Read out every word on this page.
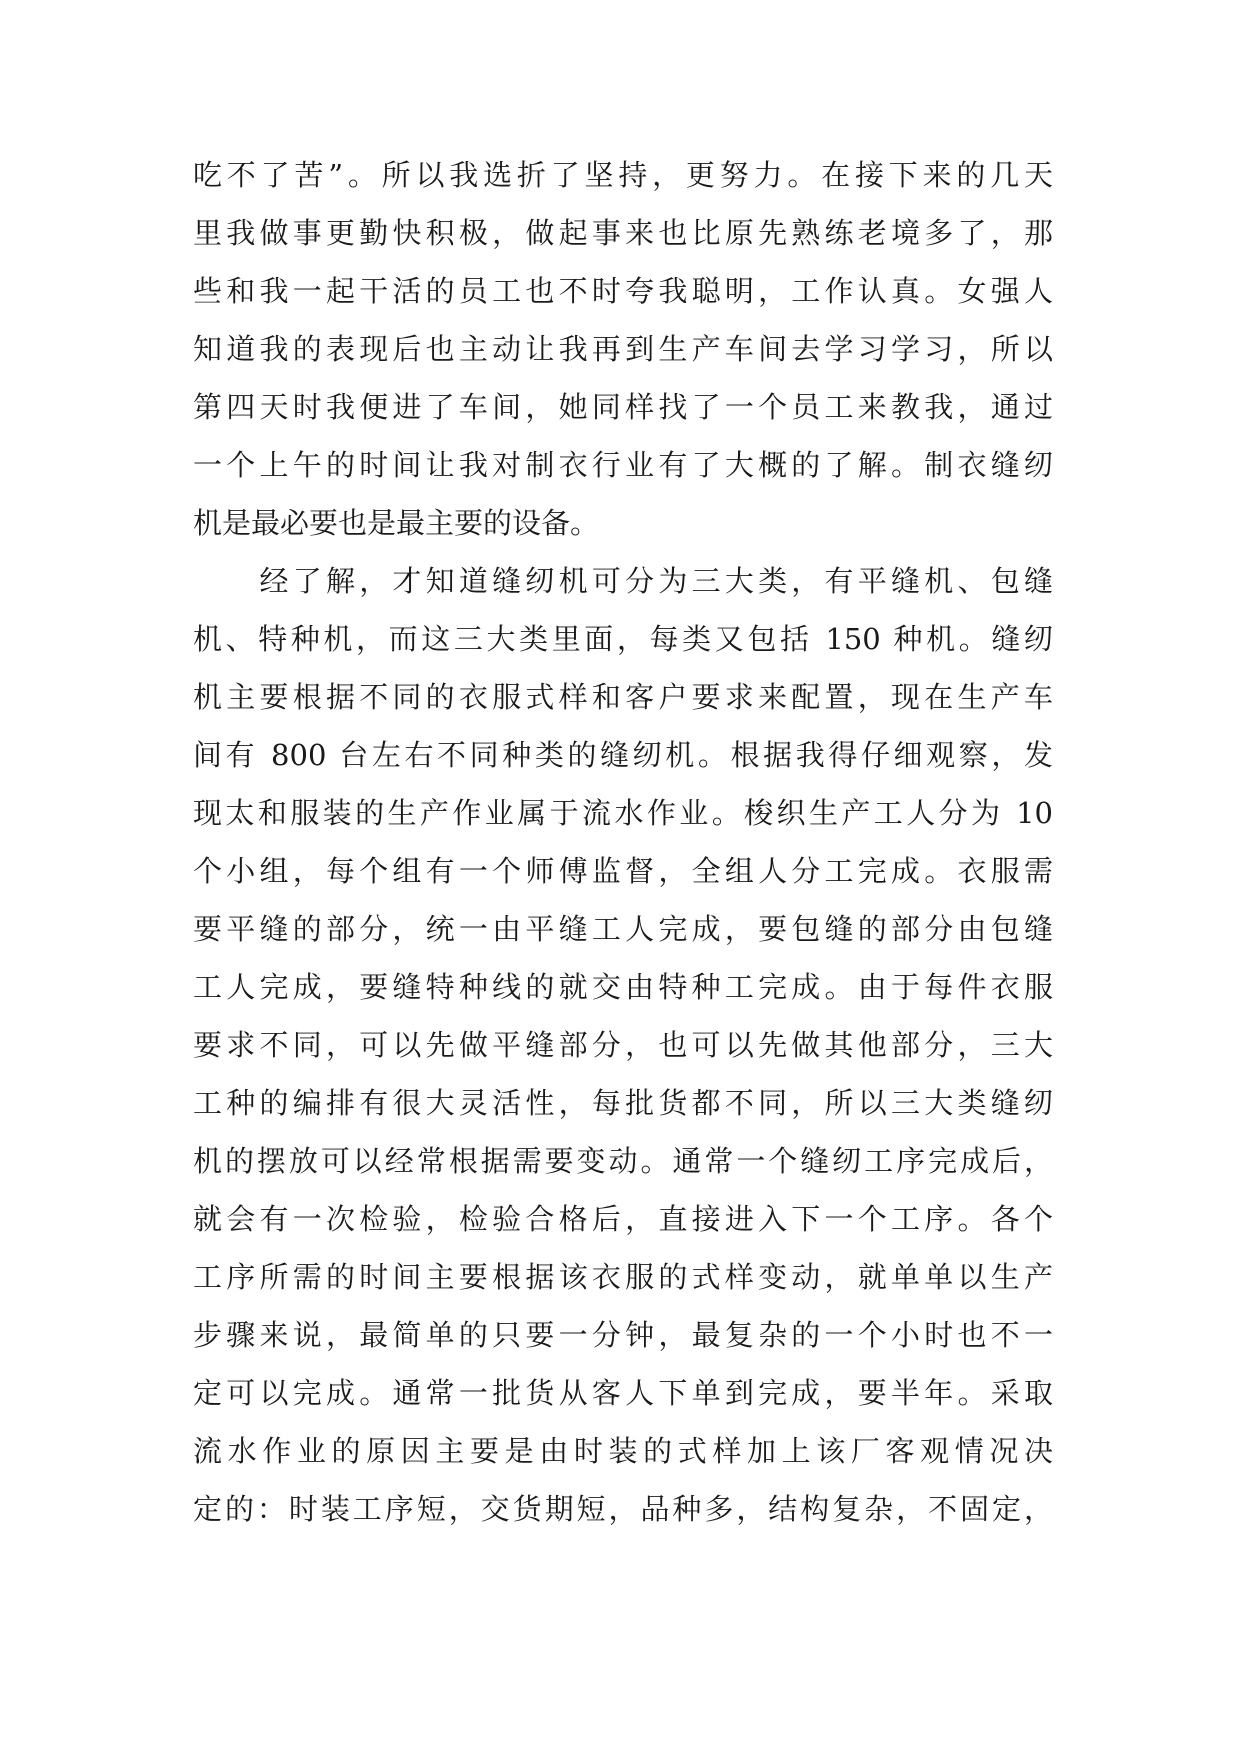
吃不了苦”。所以我选折了坚持，更努力。在接下来的几天
里我做事更勤快积极，做起事来也比原先熟练老境多了，那
些和我一起干活的员工也不时夸我聪明，工作认真。女强人
知道我的表现后也主动让我再到生产车间去学习学习，所以
第四天时我便进了车间，她同样找了一个员工来教我，通过
一个上午的时间让我对制衣行业有了大概的了解。制衣缝纫
机是最必要也是最主要的设备。
　　经了解，才知道缝纫机可分为三大类，有平缝机、包缝
机、特种机，而这三大类里面，每类又包括 150 种机。缝纫
机主要根据不同的衣服式样和客户要求来配置，现在生产车
间有 800 台左右不同种类的缝纫机。根据我得仔细观察，发
现太和服装的生产作业属于流水作业。梭织生产工人分为 10
个小组，每个组有一个师傅监督，全组人分工完成。衣服需
要平缝的部分，统一由平缝工人完成，要包缝的部分由包缝
工人完成，要缝特种线的就交由特种工完成。由于每件衣服
要求不同，可以先做平缝部分，也可以先做其他部分，三大
工种的编排有很大灵活性，每批货都不同，所以三大类缝纫
机的摆放可以经常根据需要变动。通常一个缝纫工序完成后，
就会有一次检验，检验合格后，直接进入下一个工序。各个
工序所需的时间主要根据该衣服的式样变动，就单单以生产
步骤来说，最简单的只要一分钟，最复杂的一个小时也不一
定可以完成。通常一批货从客人下单到完成，要半年。采取
流水作业的原因主要是由时装的式样加上该厂客观情况决
定的：时装工序短，交货期短，品种多，结构复杂，不固定，
